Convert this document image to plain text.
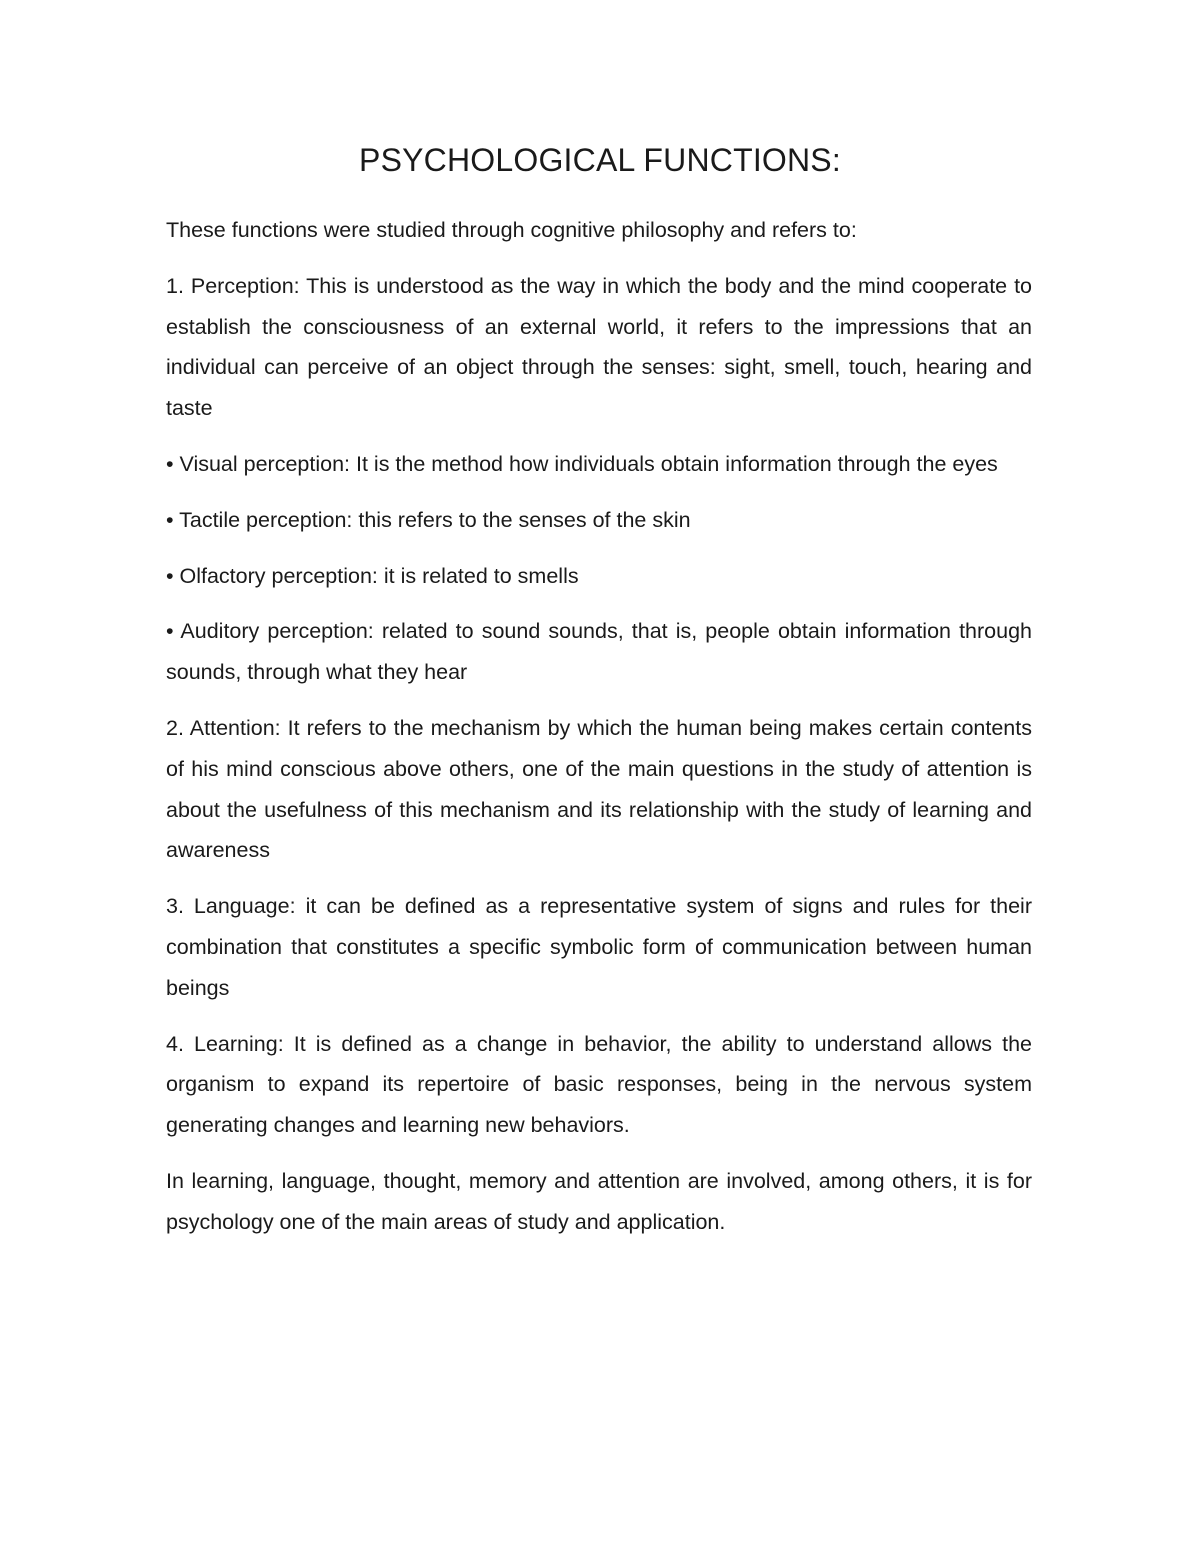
PSYCHOLOGICAL FUNCTIONS:

These functions were studied through cognitive philosophy and refers to:

1. Perception: This is understood as the way in which the body and the mind cooperate to establish the consciousness of an external world, it refers to the impressions that an individual can perceive of an object through the senses: sight, smell, touch, hearing and taste

• Visual perception: It is the method how individuals obtain information through the eyes

• Tactile perception: this refers to the senses of the skin

• Olfactory perception: it is related to smells

• Auditory perception: related to sound sounds, that is, people obtain information through sounds, through what they hear

2. Attention: It refers to the mechanism by which the human being makes certain contents of his mind conscious above others, one of the main questions in the study of attention is about the usefulness of this mechanism and its relationship with the study of learning and awareness

3. Language: it can be defined as a representative system of signs and rules for their combination that constitutes a specific symbolic form of communication between human beings

4. Learning: It is defined as a change in behavior, the ability to understand allows the organism to expand its repertoire of basic responses, being in the nervous system generating changes and learning new behaviors.

In learning, language, thought, memory and attention are involved, among others, it is for psychology one of the main areas of study and application.
